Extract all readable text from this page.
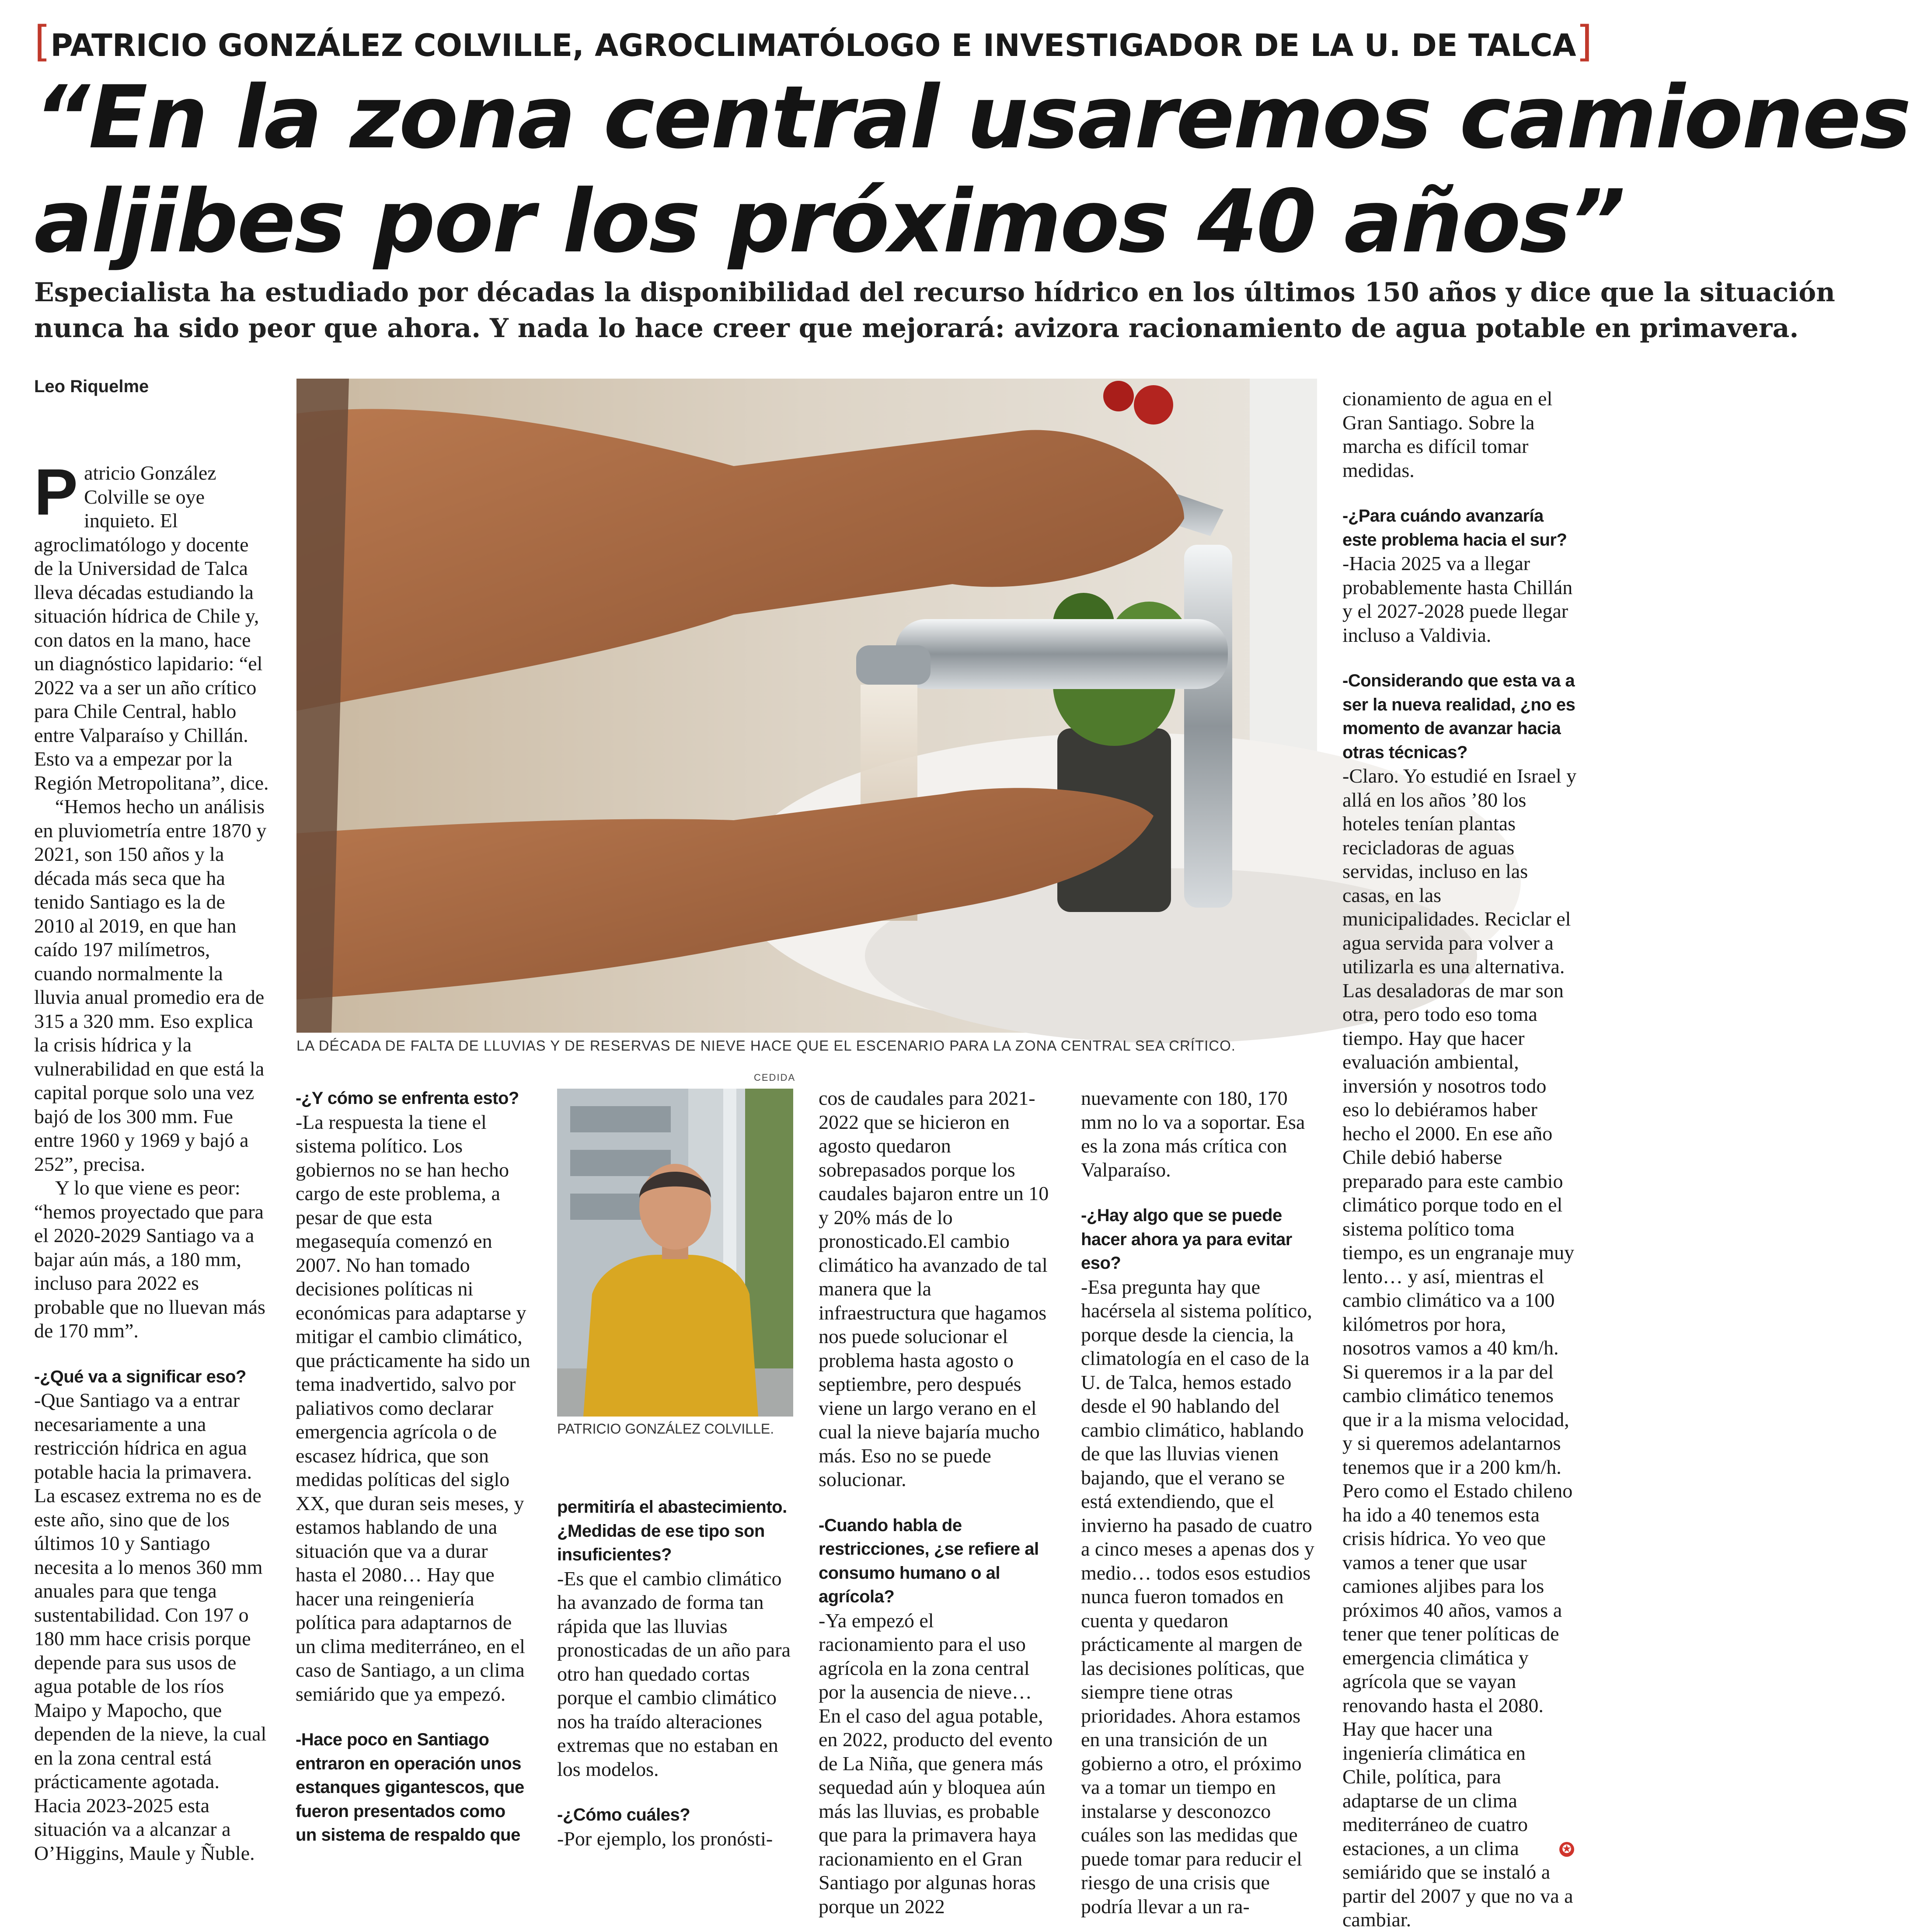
[PATRICIO GONZÁLEZ COLVILLE, AGROCLIMATÓLOGO E INVESTIGADOR DE LA U. DE TALCA]
“En la zona central usaremos camiones
aljibes por los próximos 40 años”
Especialista ha estudiado por décadas la disponibilidad del recurso hídrico en los últimos 150 años y dice que la situación
nunca ha sido peor que ahora. Y nada lo hace creer que mejorará: avizora racionamiento de agua potable en primavera.
Leo Riquelme
LA DÉCADA DE FALTA DE LLUVIAS Y DE RESERVAS DE NIEVE HACE QUE EL ESCENARIO PARA LA ZONA CENTRAL SEA CRÍTICO.
CEDIDA
PATRICIO GONZÁLEZ COLVILLE.
P atricio González Colville se oye inquieto. El agroclimatólogo y docente de la Universidad de Talca lleva décadas estudiando la situación hídrica de Chile y, con datos en la mano, hace un diagnóstico lapidario: “el 2022 va a ser un año crítico para Chile Central, hablo entre Valparaíso y Chillán. Esto va a empezar por la Región Metropolitana”, dice.

“Hemos hecho un análisis en pluviometría entre 1870 y 2021, son 150 años y la década más seca que ha tenido Santiago es la de 2010 al 2019, en que han caído 197 milímetros, cuando normalmente la lluvia anual promedio era de 315 a 320 mm. Eso explica la crisis hídrica y la vulnerabilidad en que está la capital porque solo una vez bajó de los 300 mm. Fue entre 1960 y 1969 y bajó a 252”, precisa.

Y lo que viene es peor: “hemos proyectado que para el 2020-2029 Santiago va a bajar aún más, a 180 mm, incluso para 2022 es probable que no lluevan más de 170 mm”.

-¿Qué va a significar eso?

-Que Santiago va a entrar necesariamente a una restricción hídrica en agua potable hacia la primavera. La escasez extrema no es de este año, sino que de los últimos 10 y Santiago necesita a lo menos 360 mm anuales para que tenga sustentabilidad. Con 197 o 180 mm hace crisis porque depende para sus usos de agua potable de los ríos Maipo y Mapocho, que dependen de la nieve, la cual en la zona central está prácticamente agotada. Hacia 2023-2025 esta situación va a alcanzar a O’Higgins, Maule y Ñuble.

-¿Y cómo se enfrenta esto?

-La respuesta la tiene el sistema político. Los gobiernos no se han hecho cargo de este problema, a pesar de que esta megasequía comenzó en 2007. No han tomado decisiones políticas ni económicas para adaptarse y mitigar el cambio climático, que prácticamente ha sido un tema inadvertido, salvo por paliativos como declarar emergencia agrícola o de escasez hídrica, que son medidas políticas del siglo XX, que duran seis meses, y estamos hablando de una situación que va a durar hasta el 2080… Hay que hacer una reingeniería política para adaptarnos de un clima mediterráneo, en el caso de Santiago, a un clima semiárido que ya empezó.

-Hace poco en Santiago entraron en operación unos estanques gigantescos, que fueron presentados como un sistema de respaldo que

permitiría el abastecimiento. ¿Medidas de ese tipo son insuficientes?

-Es que el cambio climático ha avanzado de forma tan rápida que las lluvias pronosticadas de un año para otro han quedado cortas porque el cambio climático nos ha traído alteraciones extremas que no estaban en los modelos.

-¿Cómo cuáles?

-Por ejemplo, los pronósti-

cos de caudales para 2021-2022 que se hicieron en agosto quedaron sobrepasados porque los caudales bajaron entre un 10 y 20% más de lo pronosticado.El cambio climático ha avanzado de tal manera que la infraestructura que hagamos nos puede solucionar el problema hasta agosto o septiembre, pero después viene un largo verano en el cual la nieve bajaría mucho más. Eso no se puede solucionar.

-Cuando habla de restricciones, ¿se refiere al consumo humano o al agrícola?

-Ya empezó el racionamiento para el uso agrícola en la zona central por la ausencia de nieve… En el caso del agua potable, en 2022, producto del evento de La Niña, que genera más sequedad aún y bloquea aún más las lluvias, es probable que para la primavera haya racionamiento en el Gran Santiago por algunas horas porque un 2022

nuevamente con 180, 170 mm no lo va a soportar. Esa es la zona más crítica con Valparaíso.

-¿Hay algo que se puede hacer ahora ya para evitar eso?

-Esa pregunta hay que hacérsela al sistema político, porque desde la ciencia, la climatología en el caso de la U. de Talca, hemos estado desde el 90 hablando del cambio climático, hablando de que las lluvias vienen bajando, que el verano se está extendiendo, que el invierno ha pasado de cuatro a cinco meses a apenas dos y medio… todos esos estudios nunca fueron tomados en cuenta y quedaron prácticamente al margen de las decisiones políticas, que siempre tiene otras prioridades. Ahora estamos en una transición de un gobierno a otro, el próximo va a tomar un tiempo en instalarse y desconozco cuáles son las medidas que puede tomar para reducir el riesgo de una crisis que podría llevar a un ra-

cionamiento de agua en el Gran Santiago. Sobre la marcha es difícil tomar medidas.

-¿Para cuándo avanzaría este problema hacia el sur?

-Hacia 2025 va a llegar probablemente hasta Chillán y el 2027-2028 puede llegar incluso a Valdivia.

-Considerando que esta va a ser la nueva realidad, ¿no es momento de avanzar hacia otras técnicas?

-Claro. Yo estudié en Israel y allá en los años ’80 los hoteles tenían plantas recicladoras de aguas servidas, incluso en las casas, en las municipalidades. Reciclar el agua servida para volver a utilizarla es una alternativa. Las desaladoras de mar son otra, pero todo eso toma tiempo. Hay que hacer evaluación ambiental, inversión y nosotros todo eso lo debiéramos haber hecho el 2000. En ese año Chile debió haberse preparado para este cambio climático porque todo en el sistema político toma tiempo, es un engranaje muy lento… y así, mientras el cambio climático va a 100 kilómetros por hora, nosotros vamos a 40 km/h. Si queremos ir a la par del cambio climático tenemos que ir a la misma velocidad, y si queremos adelantarnos tenemos que ir a 200 km/h. Pero como el Estado chileno ha ido a 40 tenemos esta crisis hídrica. Yo veo que vamos a tener que usar camiones aljibes para los próximos 40 años, vamos a tener que tener políticas de emergencia climática y agrícola que se vayan renovando hasta el 2080. Hay que hacer una ingeniería climática en Chile, política, para adaptarse de un clima mediterráneo de cuatro estaciones, a un clima semiárido que se instaló a partir del 2007 y que no va a cambiar.

✪
